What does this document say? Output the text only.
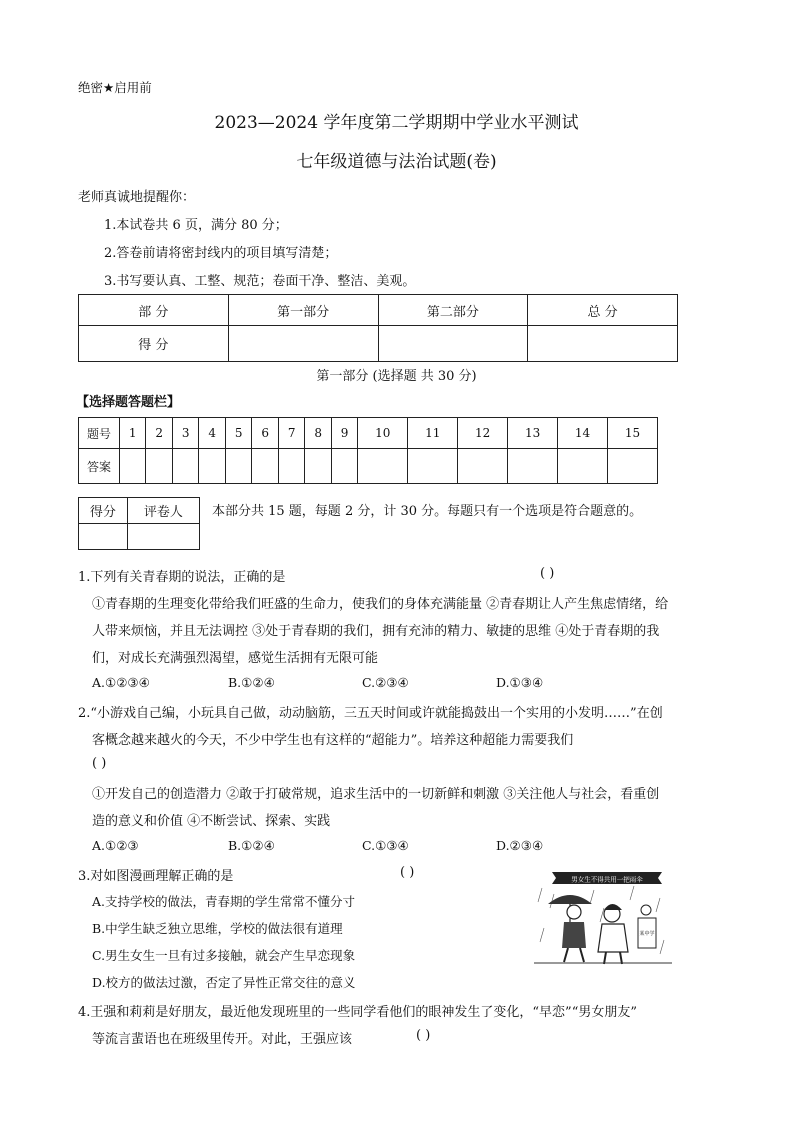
绝密★启用前
2023—2024 学年度第二学期期中学业水平测试
七年级道德与法治试题(卷)
老师真诚地提醒你：
1.本试卷共 6 页，满分 80 分；
2.答卷前请将密封线内的项目填写清楚；
3.书写要认真、工整、规范；卷面干净、整洁、美观。
部 分	第一部分	第二部分	总 分
得 分			
第一部分 (选择题 共 30 分)
【选择题答题栏】
题号	1	2	3	4	5	6	7	8	9	10	11	12	13	14	15
答案															
得分	评卷人
	本部分共 15 题，每题 2 分，计 30 分。每题只有一个选项是符合题意的。
1.下列有关青春期的说法，正确的是	( )
①青春期的生理变化带给我们旺盛的生命力，使我们的身体充满能量 ②青春期让人产生焦虑情绪，给
人带来烦恼，并且无法调控 ③处于青春期的我们，拥有充沛的精力、敏捷的思维 ④处于青春期的我
们，对成长充满强烈渴望，感觉生活拥有无限可能
A.①②③④	B.①②④	C.②③④	D.①③④
2.“小游戏自己编，小玩具自己做，动动脑筋，三五天时间或许就能捣鼓出一个实用的小发明……”在创
客概念越来越火的今天，不少中学生也有这样的“超能力”。培养这种超能力需要我们
( )
①开发自己的创造潜力 ②敢于打破常规，追求生活中的一切新鲜和刺激 ③关注他人与社会，看重创
造的意义和价值 ④不断尝试、探索、实践
A.①②③	B.①②④	C.①③④	D.②③④
3.对如图漫画理解正确的是	( )
A.支持学校的做法，青春期的学生常常不懂分寸
B.中学生缺乏独立思维，学校的做法很有道理
C.男生女生一旦有过多接触，就会产生早恋现象
D.校方的做法过激，否定了异性正常交往的意义
男女生不得共用一把雨伞
某中学
4.王强和莉莉是好朋友，最近他发现班里的一些同学看他们的眼神发生了变化，“早恋”“男女朋友”
等流言蜚语也在班级里传开。对此，王强应该	( )
